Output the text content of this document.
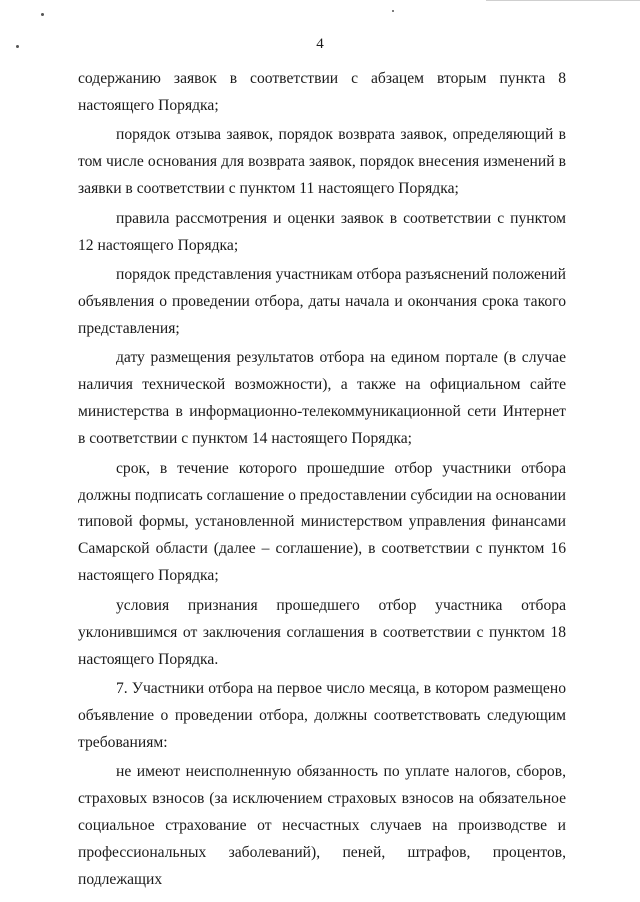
4

содержанию заявок в соответствии с абзацем вторым пункта 8 настоящего Порядка;

порядок отзыва заявок, порядок возврата заявок, определяющий в том числе основания для возврата заявок, порядок внесения изменений в заявки в соответствии с пунктом 11 настоящего Порядка;

правила рассмотрения и оценки заявок в соответствии с пунктом 12 настоящего Порядка;

порядок представления участникам отбора разъяснений положений объявления о проведении отбора, даты начала и окончания срока такого представления;

дату размещения результатов отбора на едином портале (в случае наличия технической возможности), а также на официальном сайте министерства в информационно-телекоммуникационной сети Интернет в соответствии с пунктом 14 настоящего Порядка;

срок, в течение которого прошедшие отбор участники отбора должны подписать соглашение о предоставлении субсидии на основании типовой формы, установленной министерством управления финансами Самарской области (далее – соглашение), в соответствии с пунктом 16 настоящего Порядка;

условия признания прошедшего отбор участника отбора уклонившимся от заключения соглашения в соответствии с пунктом 18 настоящего Порядка.

7. Участники отбора на первое число месяца, в котором размещено объявление о проведении отбора, должны соответствовать следующим требованиям:

не имеют неисполненную обязанность по уплате налогов, сборов, страховых взносов (за исключением страховых взносов на обязательное социальное страхование от несчастных случаев на производстве и профессиональных заболеваний), пеней, штрафов, процентов, подлежащих
